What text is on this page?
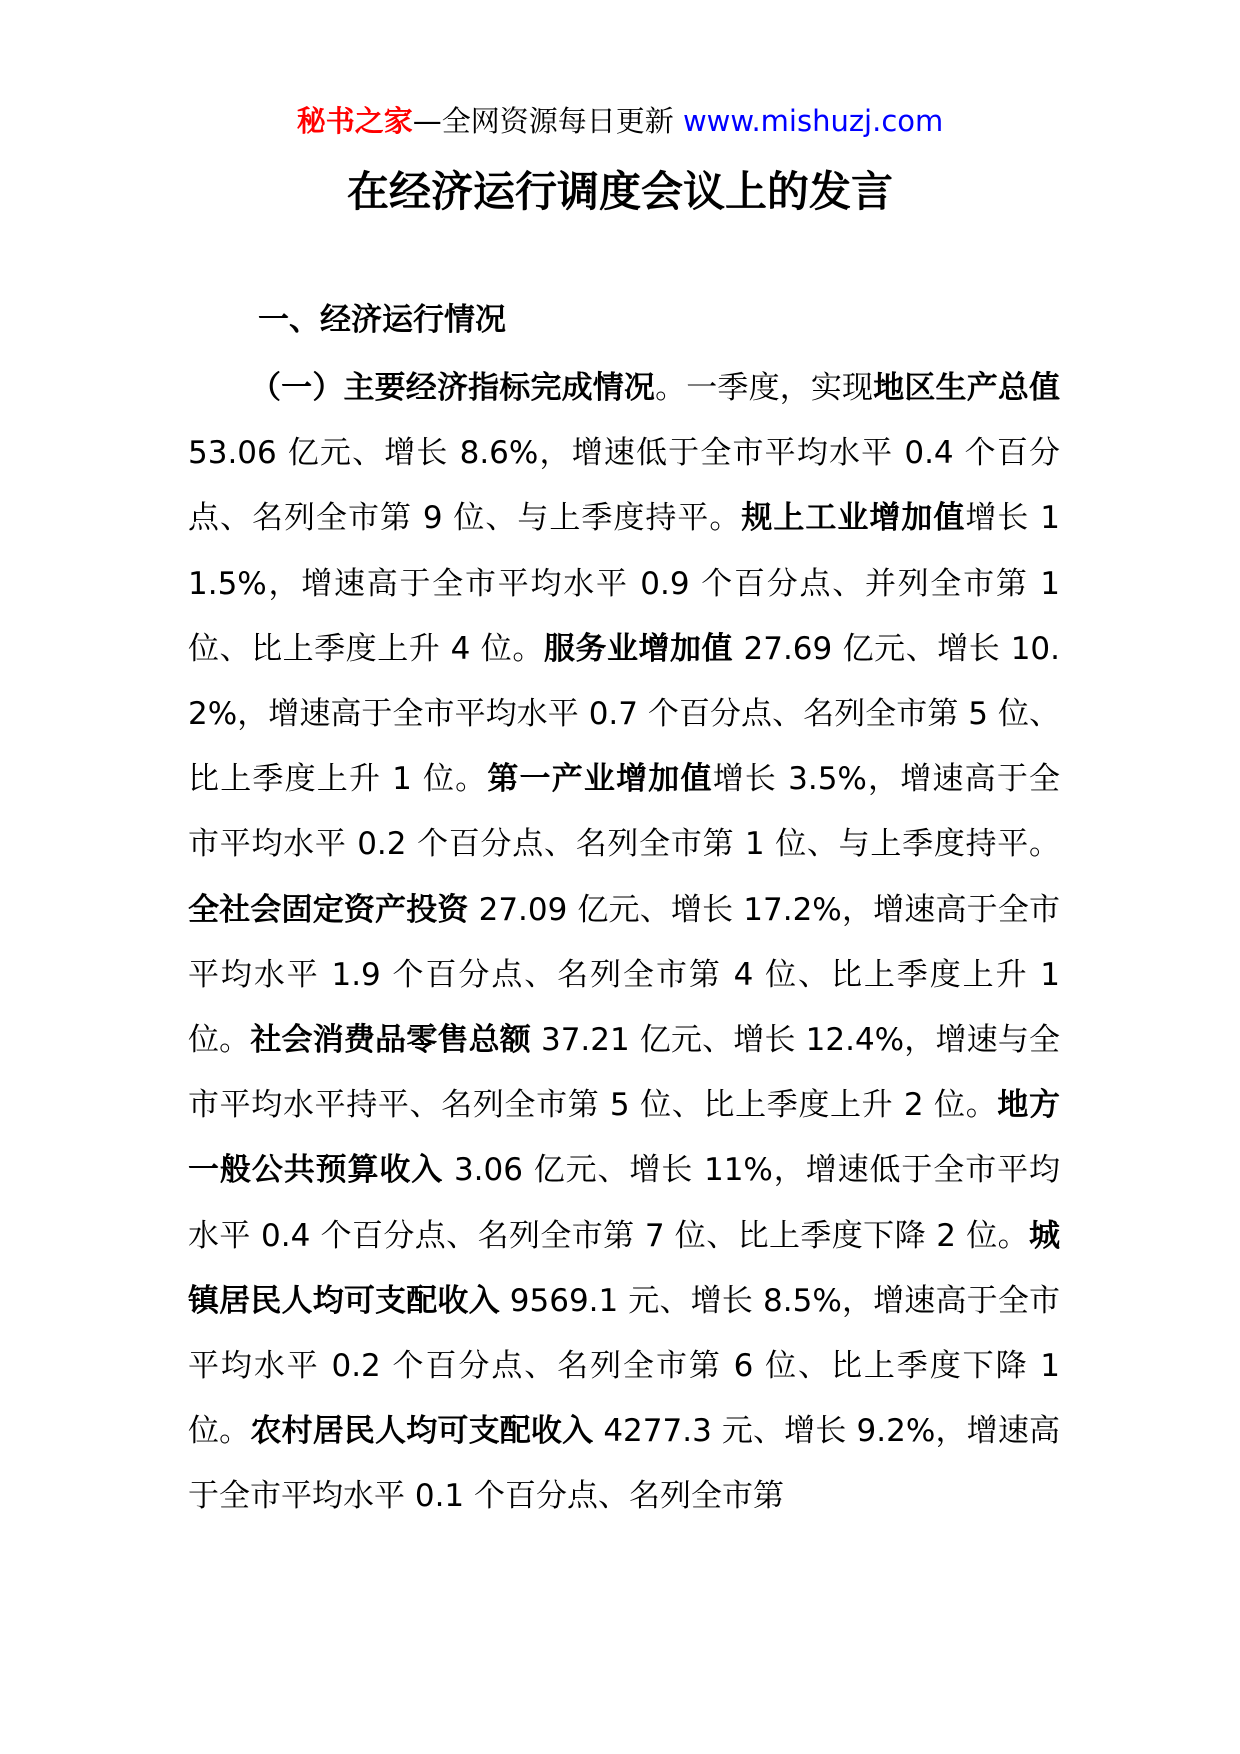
秘书之家—全网资源每日更新 www.mishuzj.com
在经济运行调度会议上的发言
一、经济运行情况

（一）主要经济指标完成情况。一季度，实现地区生产总值 53.06 亿元、增长 8.6%，增速低于全市平均水平 0.4 个百分点、名列全市第 9 位、与上季度持平。规上工业增加值增长 11.5%，增速高于全市平均水平 0.9 个百分点、并列全市第 1 位、比上季度上升 4 位。服务业增加值 27.69 亿元、增长 10.2%，增速高于全市平均水平 0.7 个百分点、名列全市第 5 位、比上季度上升 1 位。第一产业增加值增长 3.5%，增速高于全市平均水平 0.2 个百分点、名列全市第 1 位、与上季度持平。全社会固定资产投资 27.09 亿元、增长 17.2%，增速高于全市平均水平 1.9 个百分点、名列全市第 4 位、比上季度上升 1 位。社会消费品零售总额 37.21 亿元、增长 12.4%，增速与全市平均水平持平、名列全市第 5 位、比上季度上升 2 位。地方一般公共预算收入 3.06 亿元、增长 11%，增速低于全市平均水平 0.4 个百分点、名列全市第 7 位、比上季度下降 2 位。城镇居民人均可支配收入 9569.1 元、增长 8.5%，增速高于全市平均水平 0.2 个百分点、名列全市第 6 位、比上季度下降 1 位。农村居民人均可支配收入 4277.3 元、增长 9.2%，增速高于全市平均水平 0.1 个百分点、名列全市第
